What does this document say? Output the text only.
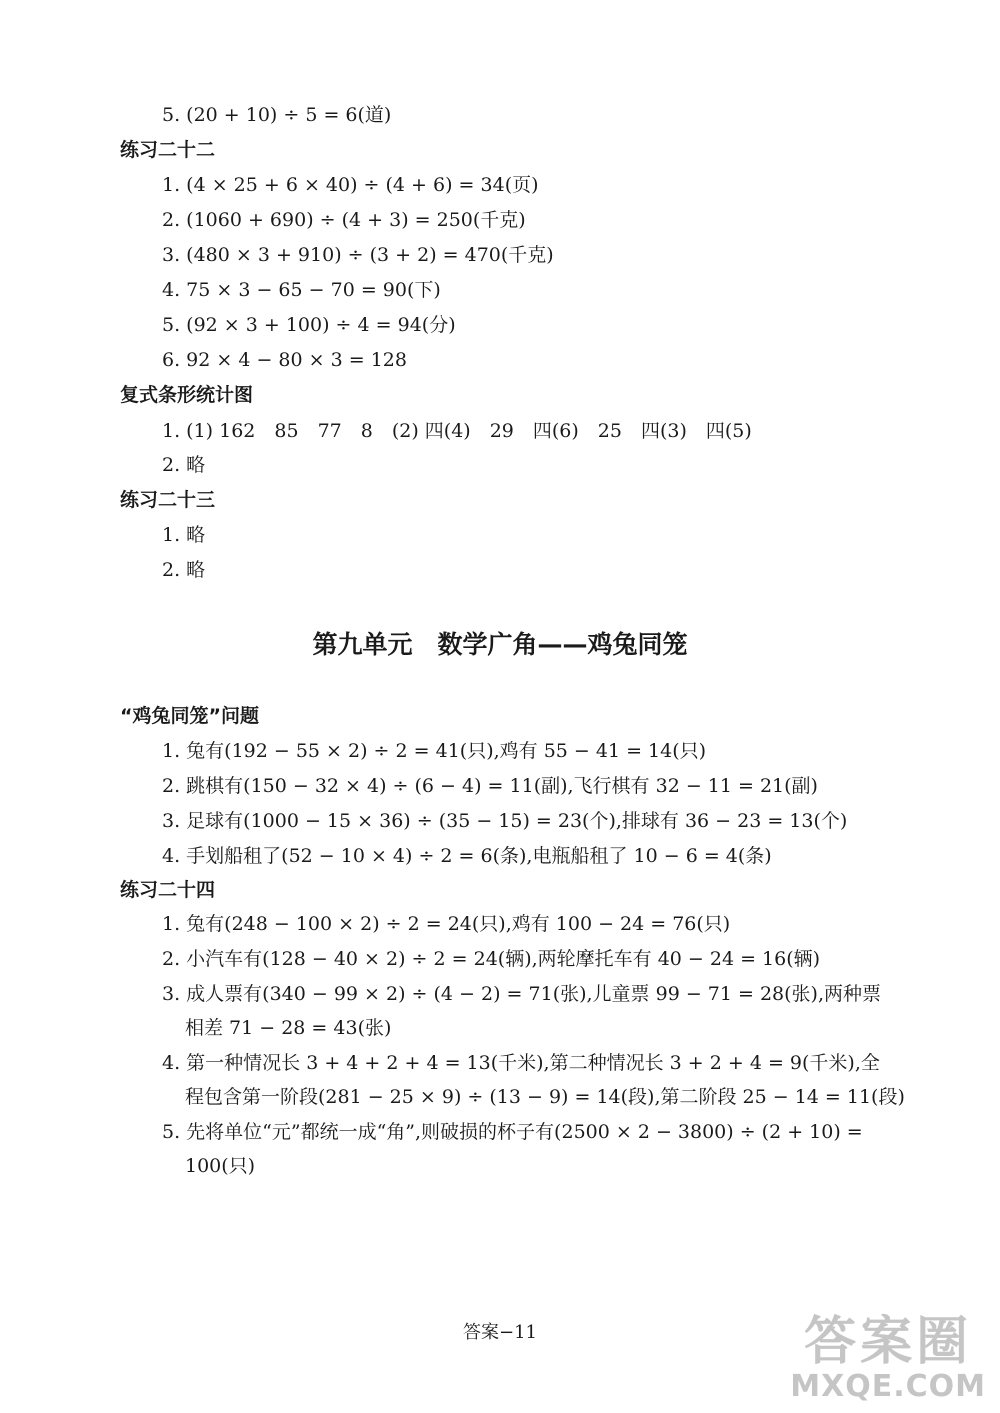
5. (20 + 10) ÷ 5 = 6(道)
练习二十二
1. (4 × 25 + 6 × 40) ÷ (4 + 6) = 34(页)
2. (1060 + 690) ÷ (4 + 3) = 250(千克)
3. (480 × 3 + 910) ÷ (3 + 2) = 470(千克)
4. 75 × 3 − 65 − 70 = 90(下)
5. (92 × 3 + 100) ÷ 4 = 94(分)
6. 92 × 4 − 80 × 3 = 128
复式条形统计图
1. (1) 162　85　77　8　(2) 四(4)　29　四(6)　25　四(3)　四(5)
2. 略
练习二十三
1. 略
2. 略
第九单元　数学广角——鸡兔同笼
“鸡兔同笼”问题
1. 兔有(192 − 55 × 2) ÷ 2 = 41(只),鸡有 55 − 41 = 14(只)
2. 跳棋有(150 − 32 × 4) ÷ (6 − 4) = 11(副),飞行棋有 32 − 11 = 21(副)
3. 足球有(1000 − 15 × 36) ÷ (35 − 15) = 23(个),排球有 36 − 23 = 13(个)
4. 手划船租了(52 − 10 × 4) ÷ 2 = 6(条),电瓶船租了 10 − 6 = 4(条)
练习二十四
1. 兔有(248 − 100 × 2) ÷ 2 = 24(只),鸡有 100 − 24 = 76(只)
2. 小汽车有(128 − 40 × 2) ÷ 2 = 24(辆),两轮摩托车有 40 − 24 = 16(辆)
3. 成人票有(340 − 99 × 2) ÷ (4 − 2) = 71(张),儿童票 99 − 71 = 28(张),两种票
相差 71 − 28 = 43(张)
4. 第一种情况长 3 + 4 + 2 + 4 = 13(千米),第二种情况长 3 + 2 + 4 = 9(千米),全
程包含第一阶段(281 − 25 × 9) ÷ (13 − 9) = 14(段),第二阶段 25 − 14 = 11(段)
5. 先将单位“元”都统一成“角”,则破损的杯子有(2500 × 2 − 3800) ÷ (2 + 10) =
100(只)
答案−11	答案圈
MXQE.COM
